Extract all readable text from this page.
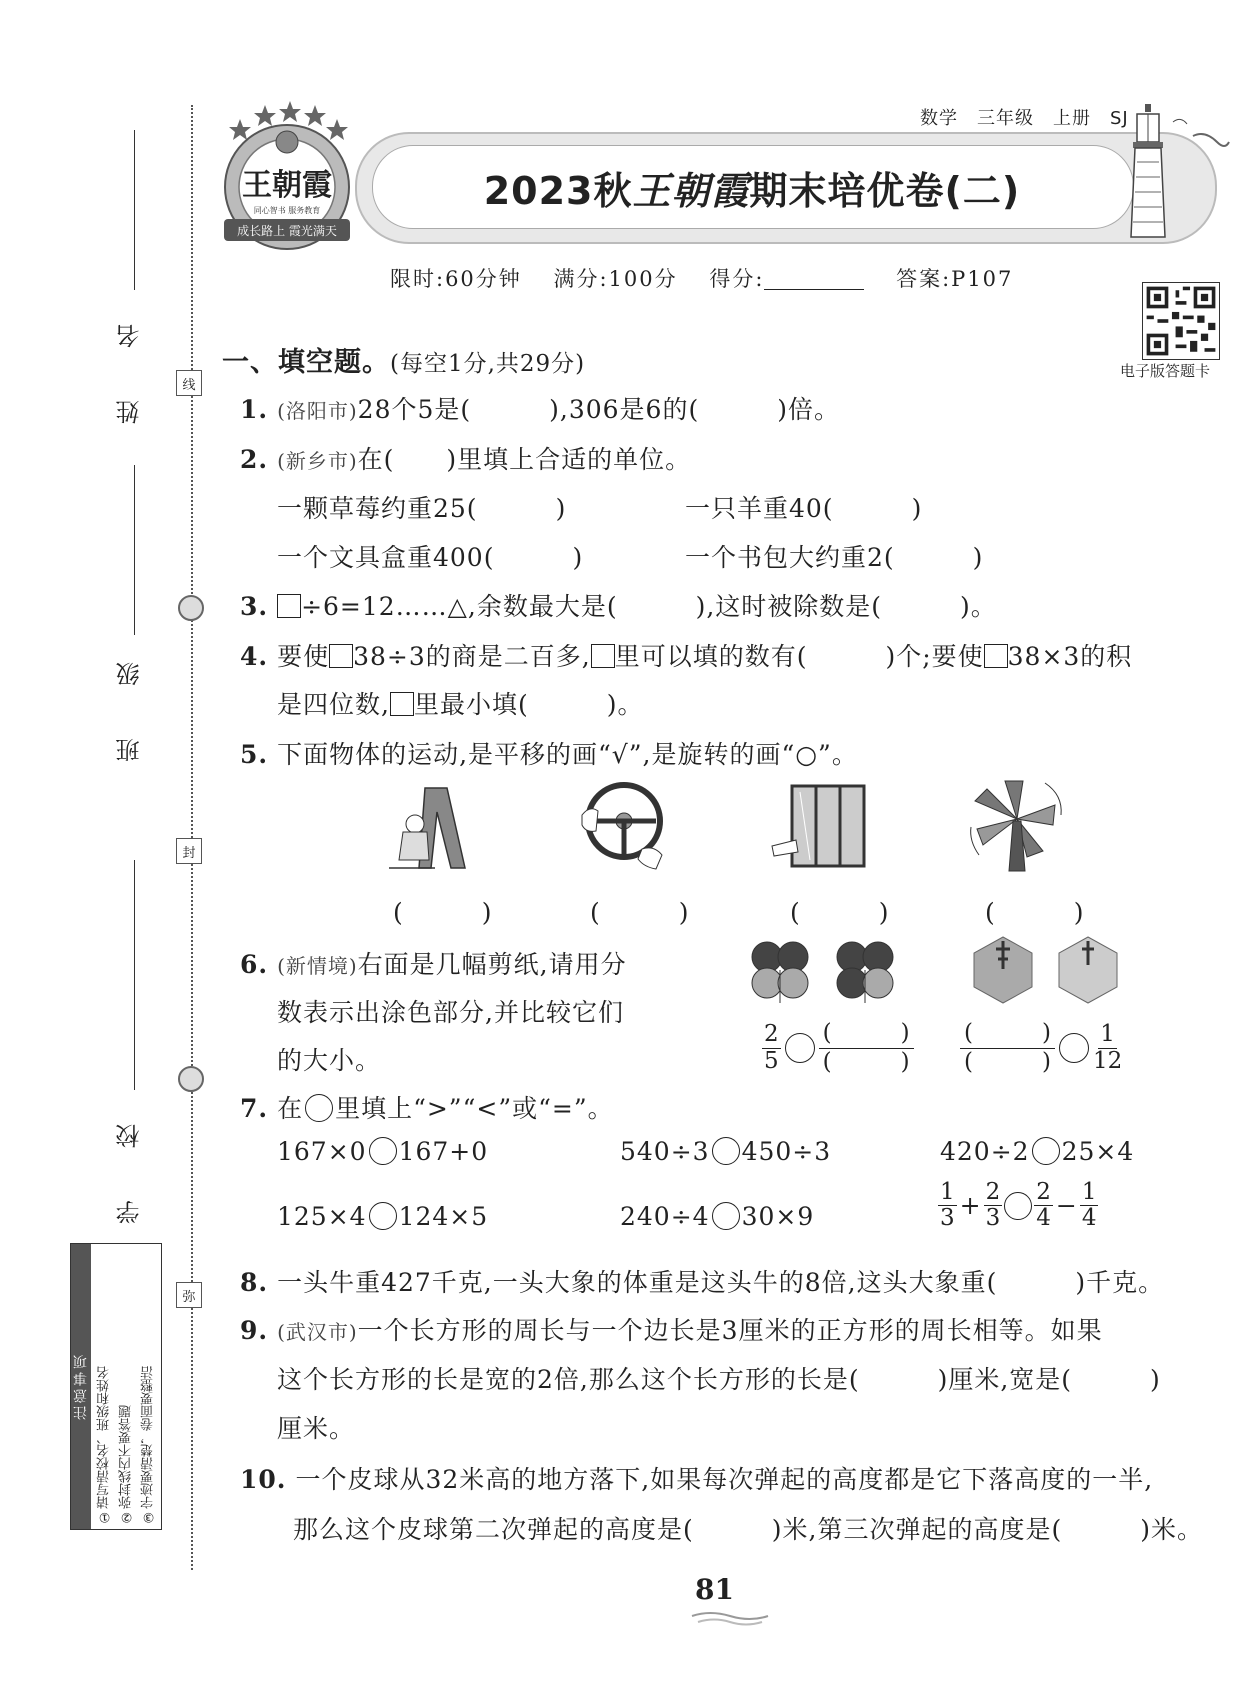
姓　名
班　级
学　校
线
封
弥
注意事项 ①请写清校名、班级和姓名 ②弥封线内不要答题 ③字迹要清楚，卷面要整洁
数学　三年级　上册　SJ
2023秋王朝霞期末培优卷(二)
王朝霞
同心智书 服务教育
成长路上 霞光满天
限时:60分钟　 满分:100分　 得分:　	答案:P107
电子版答题卡
一、填空题。(每空1分,共29分)
1. (洛阳市)28个5是(　　　),306是6的(　　　)倍。
2. (新乡市)在(　　)里填上合适的单位。
一颗草莓约重25(　　　)	一只羊重40(　　　)
一个文具盒重400(　　　)	一个书包大约重2(　　　)
3. ÷6=12……△,余数最大是(　　　),这时被除数是(　　　)。
4. 要使 38÷3的商是二百多, 里可以填的数有(　　　)个;要使 38×3的积
是四位数, 里最小填(　　　)。
5. 下面物体的运动,是平移的画“√”,是旋转的画“○”。
(　　　)	(　　　)	(　　　)	(　　　)
6. (新情境)右面是几幅剪纸,请用分
数表示出涂色部分,并比较它们
的大小。	$\frac{2}{5}$ (　　　)
(　　　)
(　　　)
(　　　) $\frac{1}{12}$
7. 在 里填上“>”“<”或“=”。
167×0 167+0	540÷3 450÷3	420÷2 25×4
125×4 124×5	240÷4 30×9	$\frac{1}{3} + \frac{2}{3} \frac{2}{4} - \frac{1}{4}$
8. 一头牛重427千克,一头大象的体重是这头牛的8倍,这头大象重(　　　)千克。
9. (武汉市)一个长方形的周长与一个边长是3厘米的正方形的周长相等。如果
这个长方形的长是宽的2倍,那么这个长方形的长是(　　　)厘米,宽是(　　　)
厘米。
10. 一个皮球从32米高的地方落下,如果每次弹起的高度都是它下落高度的一半,
那么这个皮球第二次弹起的高度是(　　　)米,第三次弹起的高度是(　　　)米。
81
